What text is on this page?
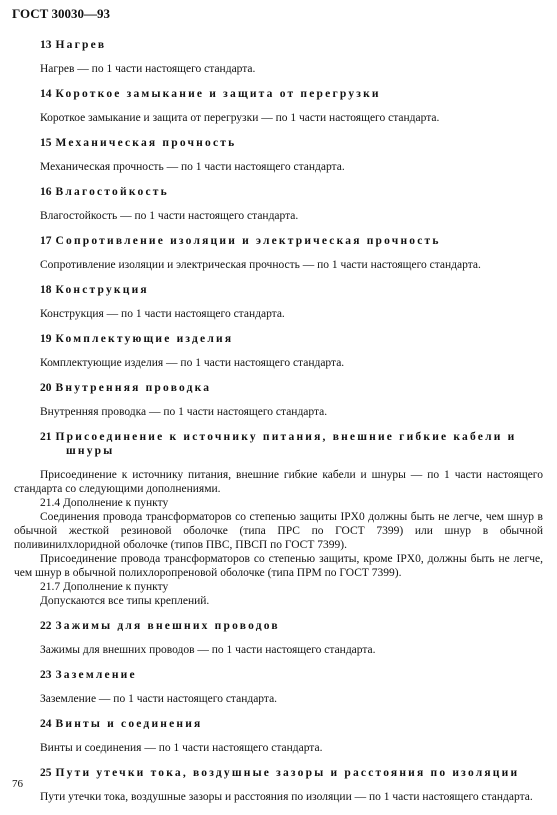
ГОСТ 30030—93
13 Нагрев

Нагрев — по 1 части настоящего стандарта.

14 Короткое замыкание и защита от перегрузки

Короткое замыкание и защита от перегрузки — по 1 части настоящего стандарта.

15 Механическая прочность

Механическая прочность — по 1 части настоящего стандарта.

16 Влагостойкость

Влагостойкость — по 1 части настоящего стандарта.

17 Сопротивление изоляции и электрическая прочность

Сопротивление изоляции и электрическая прочность — по 1 части настоящего стандарта.

18 Конструкция

Конструкция — по 1 части настоящего стандарта.

19 Комплектующие изделия

Комплектующие изделия — по 1 части настоящего стандарта.

20 Внутренняя проводка

Внутренняя проводка — по 1 части настоящего стандарта.

21 Присоединение к источнику питания, внешние гибкие кабели и шнуры

Присоединение к источнику питания, внешние гибкие кабели и шнуры — по 1 части настоящего стандарта со следующими дополнениями.

21.4 Дополнение к пункту

Соединения провода трансформаторов со степенью защиты IPX0 должны быть не легче, чем шнур в обычной жесткой резиновой оболочке (типа ПРС по ГОСТ 7399) или шнур в обычной поливинилхлоридной оболочке (типов ПВС, ПВСП по ГОСТ 7399).

Присоединение провода трансформаторов со степенью защиты, кроме IPX0, должны быть не легче, чем шнур в обычной полихлоропреновой оболочке (типа ПРМ по ГОСТ 7399).

21.7 Дополнение к пункту

Допускаются все типы креплений.

22 Зажимы для внешних проводов

Зажимы для внешних проводов — по 1 части настоящего стандарта.

23 Заземление

Заземление — по 1 части настоящего стандарта.

24 Винты и соединения

Винты и соединения — по 1 части настоящего стандарта.

25 Пути утечки тока, воздушные зазоры и расстояния по изоляции

Пути утечки тока, воздушные зазоры и расстояния по изоляции — по 1 части настоящего стандарта.

76
